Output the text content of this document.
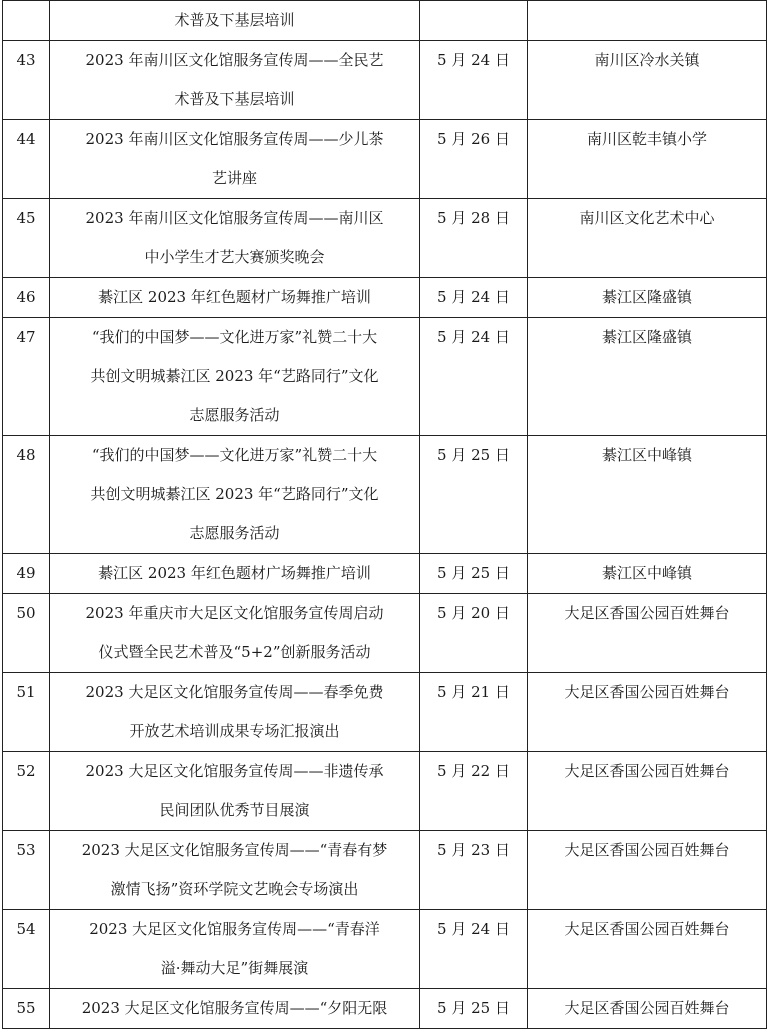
	术普及下基层培训		

43	2023 年南川区文化馆服务宣传周——全民艺
术普及下基层培训	5 月 24 日	南川区冷水关镇
44	2023 年南川区文化馆服务宣传周——少儿茶
艺讲座	5 月 26 日	南川区乾丰镇小学
45	2023 年南川区文化馆服务宣传周——南川区
中小学生才艺大赛颁奖晚会	5 月 28 日	南川区文化艺术中心
46	綦江区 2023 年红色题材广场舞推广培训	5 月 24 日	綦江区隆盛镇
47	“我们的中国梦——文化进万家”礼赞二十大
共创文明城綦江区 2023 年“艺路同行”文化
志愿服务活动	5 月 24 日	綦江区隆盛镇
48	“我们的中国梦——文化进万家”礼赞二十大
共创文明城綦江区 2023 年“艺路同行”文化
志愿服务活动	5 月 25 日	綦江区中峰镇
49	綦江区 2023 年红色题材广场舞推广培训	5 月 25 日	綦江区中峰镇
50	2023 年重庆市大足区文化馆服务宣传周启动
仪式暨全民艺术普及“5+2”创新服务活动	5 月 20 日	大足区香国公园百姓舞台
51	2023 大足区文化馆服务宣传周——春季免费
开放艺术培训成果专场汇报演出	5 月 21 日	大足区香国公园百姓舞台
52	2023 大足区文化馆服务宣传周——非遗传承
民间团队优秀节目展演	5 月 22 日	大足区香国公园百姓舞台
53	2023 大足区文化馆服务宣传周——“青春有梦
激情飞扬”资环学院文艺晚会专场演出	5 月 23 日	大足区香国公园百姓舞台
54	2023 大足区文化馆服务宣传周——“青春洋
溢·舞动大足”街舞展演	5 月 24 日	大足区香国公园百姓舞台
55	2023 大足区文化馆服务宣传周——“夕阳无限	5 月 25 日	大足区香国公园百姓舞台
